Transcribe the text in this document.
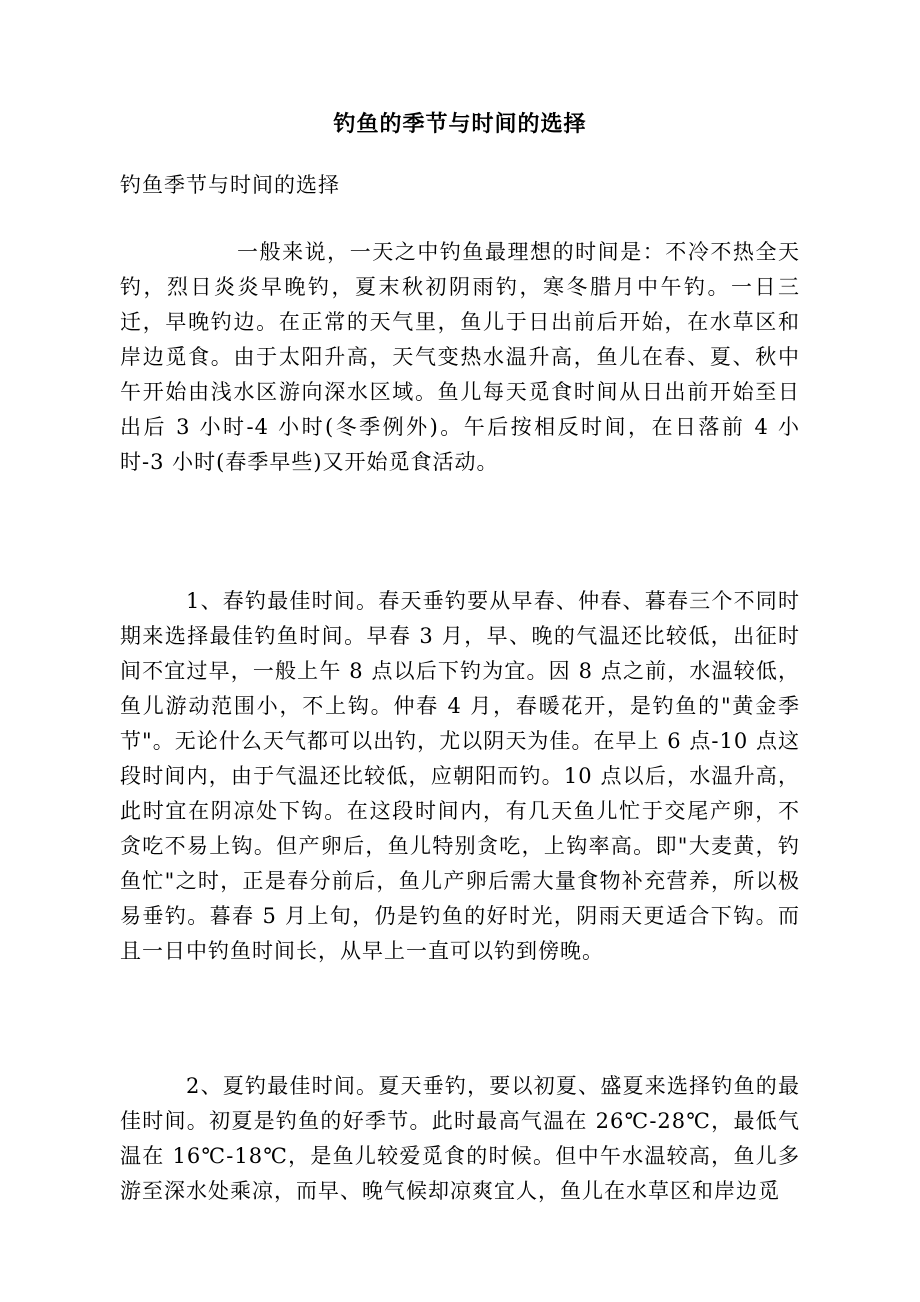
钓鱼的季节与时间的选择

钓鱼季节与时间的选择

一般来说，一天之中钓鱼最理想的时间是：不冷不热全天钓，烈日炎炎早晚钓，夏末秋初阴雨钓，寒冬腊月中午钓。一日三迁，早晚钓边。在正常的天气里，鱼儿于日出前后开始，在水草区和岸边觅食。由于太阳升高，天气变热水温升高，鱼儿在春、夏、秋中午开始由浅水区游向深水区域。鱼儿每天觅食时间从日出前开始至日出后 3 小时-4 小时(冬季例外)。午后按相反时间，在日落前 4 小时-3 小时(春季早些)又开始觅食活动。

1、春钓最佳时间。春天垂钓要从早春、仲春、暮春三个不同时期来选择最佳钓鱼时间。早春 3 月，早、晚的气温还比较低，出征时间不宜过早，一般上午 8 点以后下钓为宜。因 8 点之前，水温较低，鱼儿游动范围小，不上钩。仲春 4 月，春暖花开，是钓鱼的"黄金季节"。无论什么天气都可以出钓，尤以阴天为佳。在早上 6 点-10 点这段时间内，由于气温还比较低，应朝阳而钓。10 点以后，水温升高，此时宜在阴凉处下钩。在这段时间内，有几天鱼儿忙于交尾产卵，不贪吃不易上钩。但产卵后，鱼儿特别贪吃，上钩率高。即"大麦黄，钓鱼忙"之时，正是春分前后，鱼儿产卵后需大量食物补充营养，所以极易垂钓。暮春 5 月上旬，仍是钓鱼的好时光，阴雨天更适合下钩。而且一日中钓鱼时间长，从早上一直可以钓到傍晚。

2、夏钓最佳时间。夏天垂钓，要以初夏、盛夏来选择钓鱼的最佳时间。初夏是钓鱼的好季节。此时最高气温在 26℃-28℃，最低气温在 16℃-18℃，是鱼儿较爱觅食的时候。但中午水温较高，鱼儿多游至深水处乘凉，而早、晚气候却凉爽宜人，鱼儿在水草区和岸边觅
